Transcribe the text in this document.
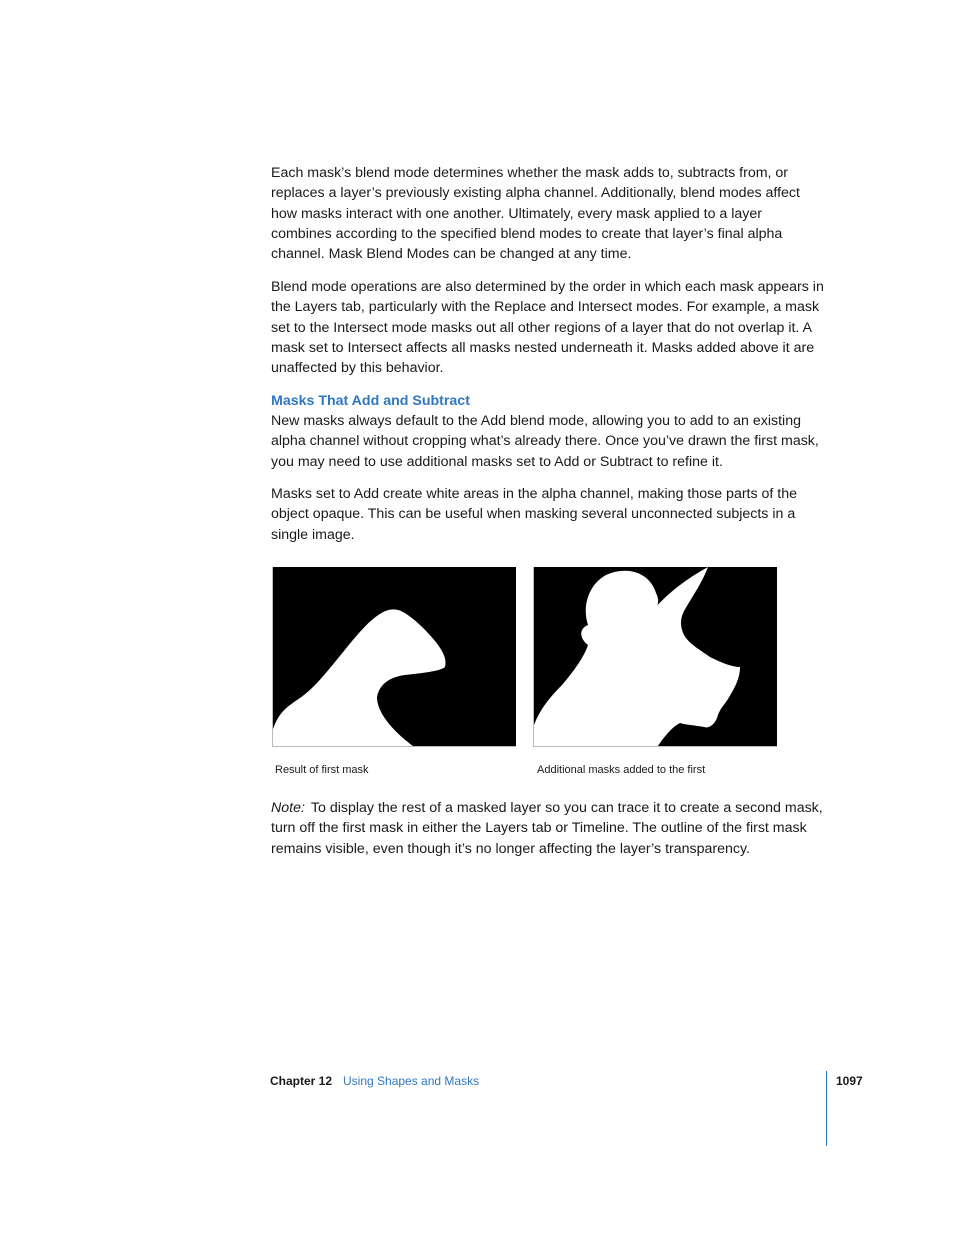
Each mask’s blend mode determines whether the mask adds to, subtracts from, or replaces a layer’s previously existing alpha channel. Additionally, blend modes affect how masks interact with one another. Ultimately, every mask applied to a layer combines according to the specified blend modes to create that layer’s final alpha channel. Mask Blend Modes can be changed at any time.

Blend mode operations are also determined by the order in which each mask appears in the Layers tab, particularly with the Replace and Intersect modes. For example, a mask set to the Intersect mode masks out all other regions of a layer that do not overlap it. A mask set to Intersect affects all masks nested underneath it. Masks added above it are unaffected by this behavior.

Masks That Add and Subtract

New masks always default to the Add blend mode, allowing you to add to an existing alpha channel without cropping what’s already there. Once you’ve drawn the first mask, you may need to use additional masks set to Add or Subtract to refine it.

Masks set to Add create white areas in the alpha channel, making those parts of the object opaque. This can be useful when masking several unconnected subjects in a single image.

Result of first mask	Additional masks added to the first

Note: To display the rest of a masked layer so you can trace it to create a second mask, turn off the first mask in either the Layers tab or Timeline. The outline of the first mask remains visible, even though it’s no longer affecting the layer’s transparency.

Chapter 12 Using Shapes and Masks	1097
